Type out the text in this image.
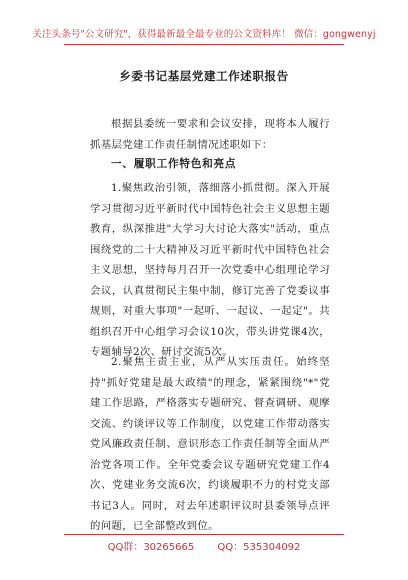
关注头条号"公文研究"，获得最新最全最专业的公文资料库！ 微信：gongwenyj
乡委书记基层党建工作述职报告
根据县委统一要求和会议安排，现将本人履行抓基层党建工作责任制情况述职如下：
一、履职工作特色和亮点
1.聚焦政治引领，落细落小抓贯彻。深入开展学习贯彻习近平新时代中国特色社会主义思想主题教育，纵深推进"大学习大讨论大落实"活动，重点围绕党的二十大精神及习近平新时代中国特色社会主义思想，坚持每月召开一次党委中心组理论学习会议，认真贯彻民主集中制，修订完善了党委议事规则，对重大事项"一起听、一起议、一起定"。共组织召开中心组学习会议10次，带头讲党课4次，专题辅导2次、研讨交流5次。
2.聚焦主责主业，从严从实压责任。始终坚持"抓好党建是最大政绩"的理念，紧紧围绕"*"党建工作思路，严格落实专题研究、督查调研、观摩交流、约谈评议等工作制度，以党建工作带动落实党风廉政责任制、意识形态工作责任制等全面从严治党各项工作。全年党委会议专题研究党建工作4次、党建业务交流6次，约谈履职不力的村党支部书记3人。同时，对去年述职评议时县委领导点评的问题，已全部整改到位。
QQ群：30265665 QQ：535304092
